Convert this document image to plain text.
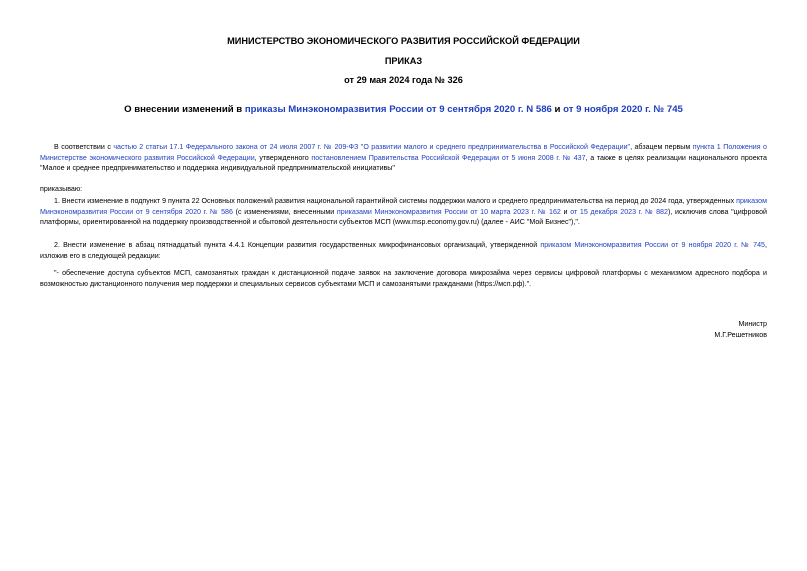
МИНИСТЕРСТВО ЭКОНОМИЧЕСКОГО РАЗВИТИЯ РОССИЙСКОЙ ФЕДЕРАЦИИ
ПРИКАЗ
от 29 мая 2024 года № 326
О внесении изменений в приказы Минэкономразвития России от 9 сентября 2020 г. N 586 и от 9 ноября 2020 г. № 745
В соответствии с частью 2 статьи 17.1 Федерального закона от 24 июля 2007 г. № 209-ФЗ "О развитии малого и среднего предпринимательства в Российской Федерации", абзацем первым пункта 1 Положения о Министерстве экономического развития Российской Федерации, утвержденного постановлением Правительства Российской Федерации от 5 июня 2008 г. № 437, а также в целях реализации национального проекта "Малое и среднее предпринимательство и поддержка индивидуальной предпринимательской инициативы"
приказываю:
1. Внести изменение в подпункт 9 пункта 22 Основных положений развития национальной гарантийной системы поддержки малого и среднего предпринимательства на период до 2024 года, утвержденных приказом Минэкономразвития России от 9 сентября 2020 г. № 586 (с изменениями, внесенными приказами Минэкономразвития России от 10 марта 2023 г. № 162 и от 15 декабря 2023 г. № 882), исключив слова "цифровой платформы, ориентированной на поддержку производственной и сбытовой деятельности субъектов МСП (www.msp.economy.gov.ru) (далее - АИС "Мой Бизнес"),".
2. Внести изменение в абзац пятнадцатый пункта 4.4.1 Концепции развития государственных микрофинансовых организаций, утвержденной приказом Минэкономразвития России от 9 ноября 2020 г. № 745, изложив его в следующей редакции:
"- обеспечение доступа субъектов МСП, самозанятых граждан к дистанционной подаче заявок на заключение договора микрозайма через сервисы цифровой платформы с механизмом адресного подбора и возможностью дистанционного получения мер поддержки и специальных сервисов субъектами МСП и самозанятыми гражданами (https://мсп.рф).".
Министр
М.Г.Решетников
